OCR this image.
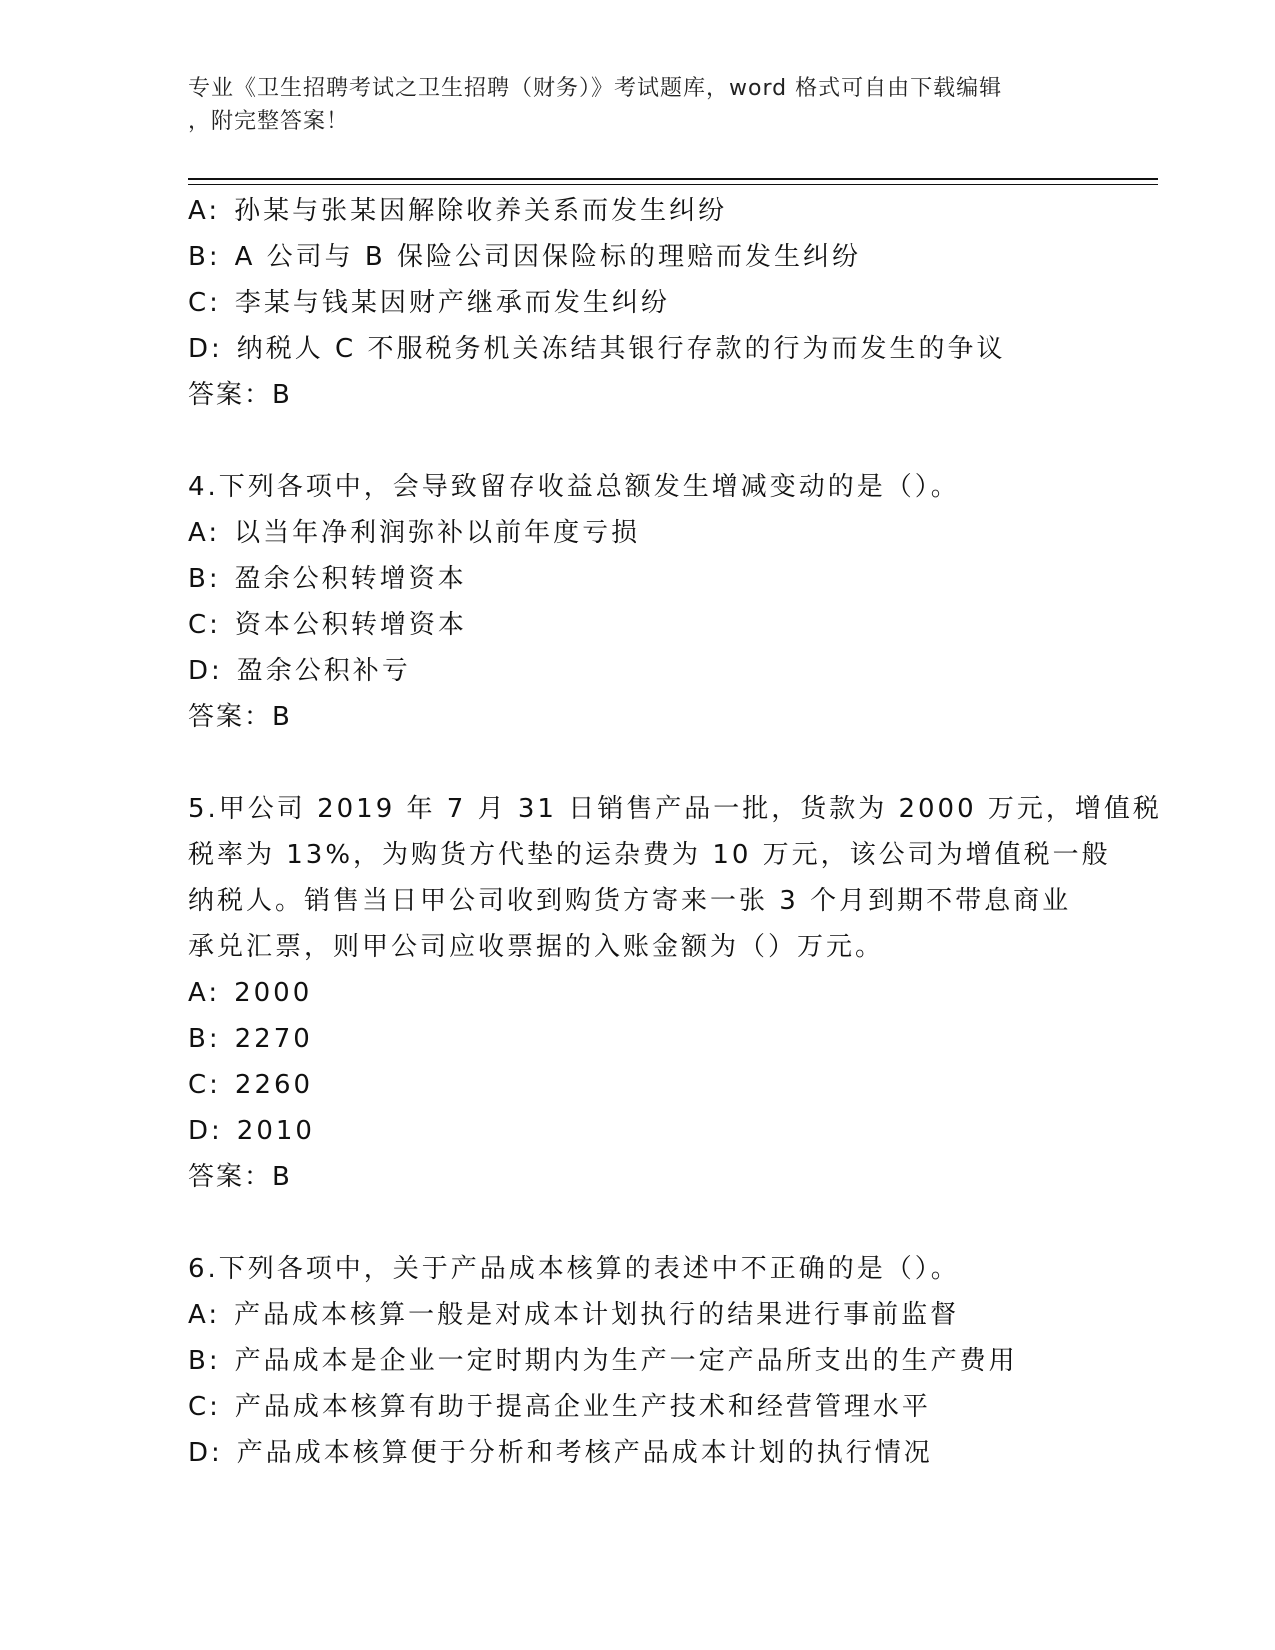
专业《卫生招聘考试之卫生招聘（财务）》考试题库，word 格式可自由下载编辑
，附完整答案！
A: 孙某与张某因解除收养关系而发生纠纷
B: A 公司与 B 保险公司因保险标的理赔而发生纠纷
C: 李某与钱某因财产继承而发生纠纷
D: 纳税人 C 不服税务机关冻结其银行存款的行为而发生的争议
答案：B
4.下列各项中，会导致留存收益总额发生增减变动的是（）。
A: 以当年净利润弥补以前年度亏损
B: 盈余公积转增资本
C: 资本公积转增资本
D: 盈余公积补亏
答案：B
5.甲公司 2019 年 7 月 31 日销售产品一批，货款为 2000 万元，增值税
税率为 13%，为购货方代垫的运杂费为 10 万元，该公司为增值税一般
纳税人。销售当日甲公司收到购货方寄来一张 3 个月到期不带息商业
承兑汇票，则甲公司应收票据的入账金额为（）万元。
A: 2000
B: 2270
C: 2260
D: 2010
答案：B
6.下列各项中，关于产品成本核算的表述中不正确的是（）。
A: 产品成本核算一般是对成本计划执行的结果进行事前监督
B: 产品成本是企业一定时期内为生产一定产品所支出的生产费用
C: 产品成本核算有助于提高企业生产技术和经营管理水平
D: 产品成本核算便于分析和考核产品成本计划的执行情况
